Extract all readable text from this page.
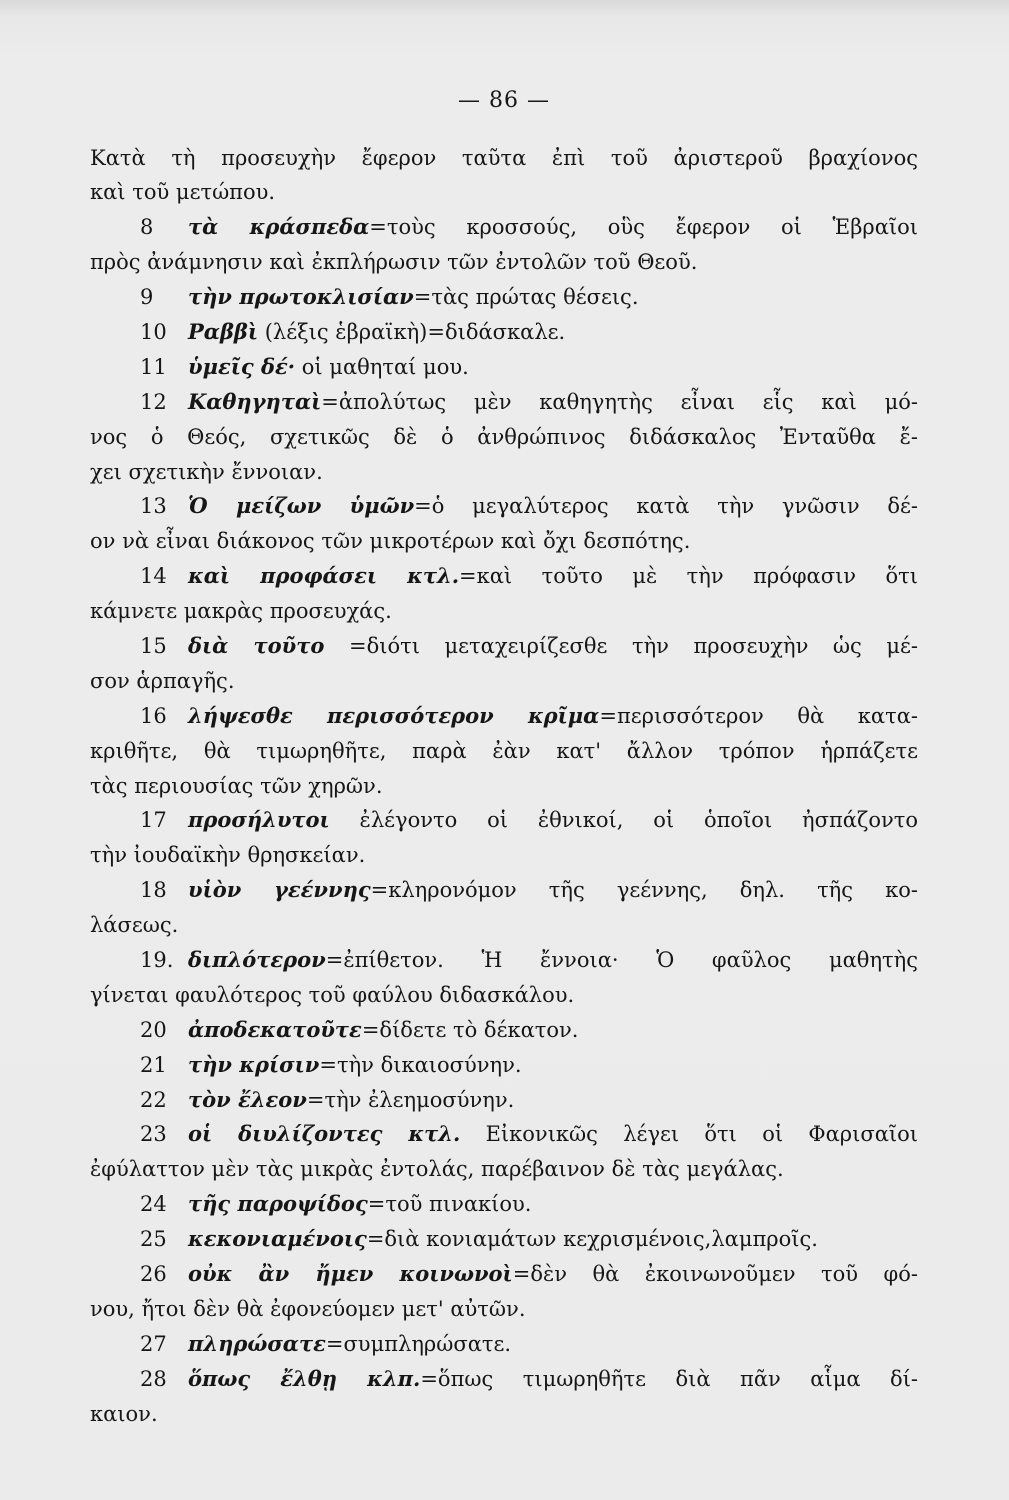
— 86 —
Κατὰ τὴ προσευχὴν ἔφερον ταῦτα ἐπὶ τοῦ ἀριστεροῦ βραχίονος
καὶ τοῦ μετώπου.
8 τὰ κράσπεδα=τοὺς κροσσούς, οὓς ἔφερον οἱ Ἑβραῖοι
πρὸς ἀνάμνησιν καὶ ἐκπλήρωσιν τῶν ἐντολῶν τοῦ Θεοῦ.
9 τὴν πρωτοκλισίαν=τὰς πρώτας θέσεις.
10 Ραββὶ (λέξις ἑβραϊκὴ)=διδάσκαλε.
11 ὑμεῖς δέ· οἱ μαθηταί μου.
12 Καθηγηταὶ=ἀπολύτως μὲν καθηγητὴς εἶναι εἷς καὶ μό-
νος ὁ Θεός, σχετικῶς δὲ ὁ ἀνθρώπινος διδάσκαλος Ἐνταῦθα ἔ-
χει σχετικὴν ἔννοιαν.
13 Ὁ μείζων ὑμῶν=ὁ μεγαλύτερος κατὰ τὴν γνῶσιν δέ-
ον νὰ εἶναι διάκονος τῶν μικροτέρων καὶ ὄχι δεσπότης.
14 καὶ προφάσει κτλ.=καὶ τοῦτο μὲ τὴν πρόφασιν ὅτι
κάμνετε μακρὰς προσευχάς.
15 διὰ τοῦτο =διότι μεταχειρίζεσθε τὴν προσευχὴν ὡς μέ-
σον ἁρπαγῆς.
16 λήψεσθε περισσότερον κρῖμα=περισσότερον θὰ κατα-
κριθῆτε, θὰ τιμωρηθῆτε, παρὰ ἐὰν κατ' ἄλλον τρόπον ἡρπάζετε
τὰς περιουσίας τῶν χηρῶν.
17 προσήλυτοι ἐλέγοντο οἱ ἐθνικοί, οἱ ὁποῖοι ἠσπάζοντο
τὴν ἰουδαϊκὴν θρησκείαν.
18 υἱὸν γεέννης=κληρονόμον τῆς γεέννης, δηλ. τῆς κο-
λάσεως.
19. διπλότερον=ἐπίθετον. Ἡ ἔννοια· Ὁ φαῦλος μαθητὴς
γίνεται φαυλότερος τοῦ φαύλου διδασκάλου.
20 ἀποδεκατοῦτε=δίδετε τὸ δέκατον.
21 τὴν κρίσιν=τὴν δικαιοσύνην.
22 τὸν ἔλεον=τὴν ἐλεημοσύνην.
23 οἱ διυλίζοντες κτλ. Εἰκονικῶς λέγει ὅτι οἱ Φαρισαῖοι
ἐφύλαττον μὲν τὰς μικρὰς ἐντολάς, παρέβαινον δὲ τὰς μεγάλας.
24 τῆς παροψίδος=τοῦ πινακίου.
25 κεκονιαμένοις=διὰ κονιαμάτων κεχρισμένοις,λαμπροῖς.
26 οὐκ ἂν ἤμεν κοινωνοὶ=δὲν θὰ ἐκοινωνοῦμεν τοῦ φό-
νου, ἤτοι δὲν θὰ ἐφονεύομεν μετ' αὐτῶν.
27 πληρώσατε=συμπληρώσατε.
28 ὅπως ἔλθῃ κλπ.=ὅπως τιμωρηθῆτε διὰ πᾶν αἷμα δί-
καιον.
